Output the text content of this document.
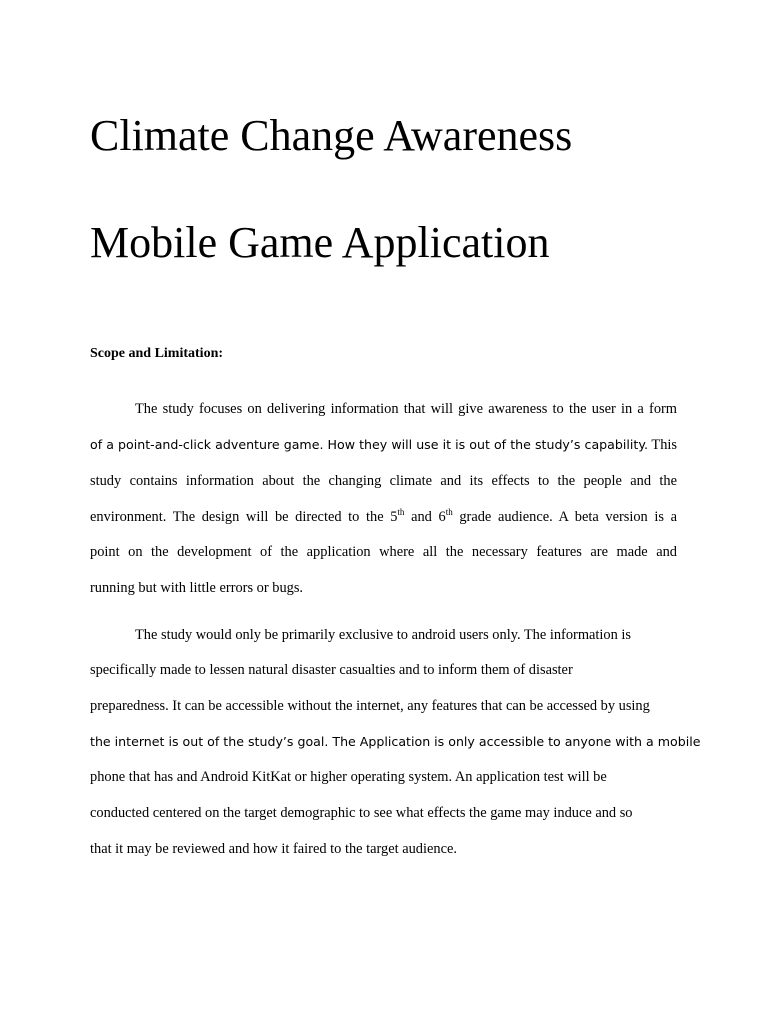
Climate Change Awareness
Mobile Game Application
Scope and Limitation:

The study focuses on delivering information that will give awareness to the user in a form

of a point-and-click adventure game. How they will use it is out of the study’s capability. This

study contains information about the changing climate and its effects to the people and the

environment. The design will be directed to the 5th and 6th grade audience. A beta version is a

point on the development of the application where all the necessary features are made and

running but with little errors or bugs.

The study would only be primarily exclusive to android users only. The information is

specifically made to lessen natural disaster casualties and to inform them of disaster

preparedness. It can be accessible without the internet, any features that can be accessed by using

the internet is out of the study’s goal. The Application is only accessible to anyone with a mobile

phone that has and Android KitKat or higher operating system. An application test will be

conducted centered on the target demographic to see what effects the game may induce and so

that it may be reviewed and how it faired to the target audience.
